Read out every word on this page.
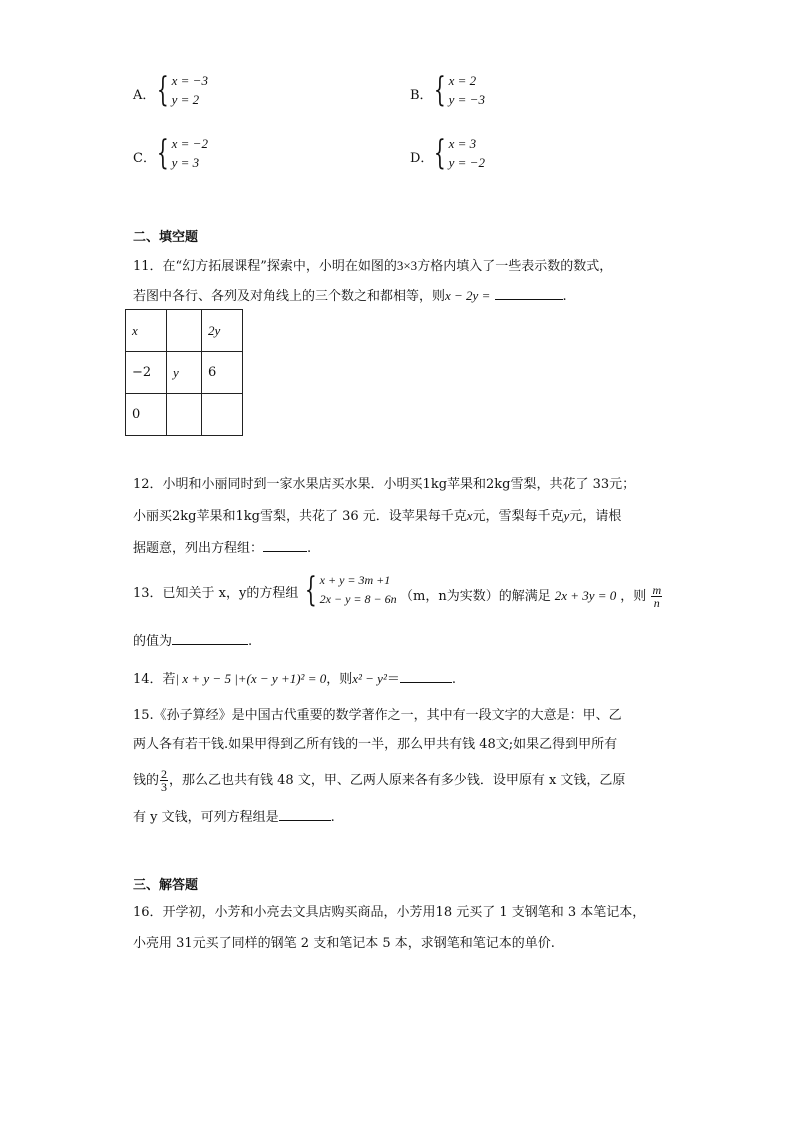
A． { x = −3
y = 2	B． { x = 2
y = −3
C． { x = −2
y = 3	D． { x = 3
y = −2
二、填空题
11．在“幻方拓展课程”探索中，小明在如图的3×3方格内填入了一些表示数的数式，
若图中各行、各列及对角线上的三个数之和都相等，则x − 2y =	.
x		2y
−2	y	6
0		
12．小明和小丽同时到一家水果店买水果．小明买1kg苹果和2kg雪梨，共花了 33元；
小丽买2kg苹果和1kg雪梨，共花了 36 元．设苹果每千克x元，雪梨每千克y元，请根
据题意，列出方程组：	.
13．已知关于 x，y的方程组 { x + y = 3m +1
2x − y = 8 − 6n （m，n为实数）的解满足 2x + 3y = 0 ，则 $\frac{m}{n}$
的值为	.
14．若| x + y − 5 |+(x − y +1)² = 0，则x² − y²＝	.
15.《孙子算经》是中国古代重要的数学著作之一，其中有一段文字的大意是：甲、乙
两人各有若干钱.如果甲得到乙所有钱的一半，那么甲共有钱 48文;如果乙得到甲所有
钱的 $\frac{2}{3}$ ，那么乙也共有钱 48 文，甲、乙两人原来各有多少钱．设甲原有 x 文钱，乙原
有 y 文钱，可列方程组是	.
三、解答题
16．开学初，小芳和小亮去文具店购买商品，小芳用18 元买了 1 支钢笔和 3 本笔记本，
小亮用 31元买了同样的钢笔 2 支和笔记本 5 本，求钢笔和笔记本的单价.
